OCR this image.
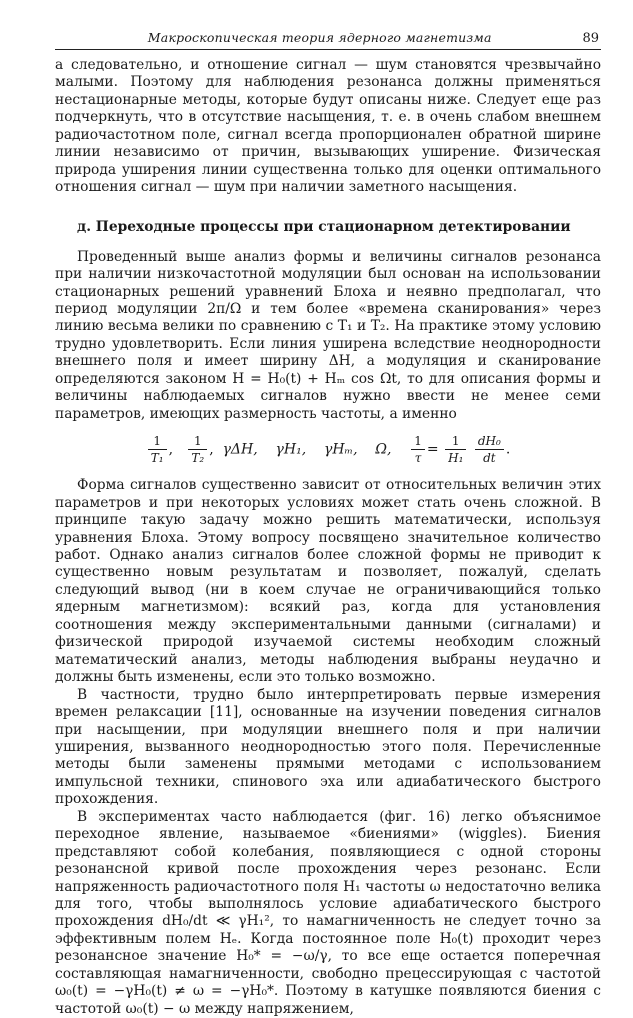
Макроскопическая теория ядерного магнетизма	89

а следовательно, и отношение сигнал — шум становятся чрезвычайно малыми. Поэтому для наблюдения резонанса должны применяться нестационарные методы, которые будут описаны ниже. Следует еще раз подчеркнуть, что в отсутствие насыщения, т. е. в очень слабом внешнем радиочастотном поле, сигнал всегда пропорционален обратной ширине линии независимо от причин, вызывающих уширение. Физическая природа уширения линии существенна только для оценки оптимального отношения сигнал — шум при наличии заметного насыщения.

д. Переходные процессы при стационарном детектировании

Проведенный выше анализ формы и величины сигналов резонанса при наличии низкочастотной модуляции был основан на использовании стационарных решений уравнений Блоха и неявно предполагал, что период модуляции 2π/Ω и тем более «времена сканирования» через линию весьма велики по сравнению с T₁ и T₂. На практике этому условию трудно удовлетворить. Если линия уширена вследствие неоднородности внешнего поля и имеет ширину ΔH, а модуляция и сканирование определяются законом H = H₀(t) + Hₘ cos Ωt, то для описания формы и величины наблюдаемых сигналов нужно ввести не менее семи параметров, имеющих размерность частоты, а именно

$\frac{1}{\text{T₁}}$ , $\frac{1}{\text{T₂}}$ , γΔH, γH₁, γHₘ, Ω, $\frac{1}{\tau} = \frac{1}{\text{H₁}}$
$\frac{\text{dH₀}}{dt}$ .

Форма сигналов существенно зависит от относительных величин этих параметров и при некоторых условиях может стать очень сложной. В принципе такую задачу можно решить математически, используя уравнения Блоха. Этому вопросу посвящено значительное количество работ. Однако анализ сигналов более сложной формы не приводит к существенно новым результатам и позволяет, пожалуй, сделать следующий вывод (ни в коем случае не ограничивающийся только ядерным магнетизмом): всякий раз, когда для установления соотношения между экспериментальными данными (сигналами) и физической природой изучаемой системы необходим сложный математический анализ, методы наблюдения выбраны неудачно и должны быть изменены, если это только возможно.

В частности, трудно было интерпретировать первые измерения времен релаксации [11], основанные на изучении поведения сигналов при насыщении, при модуляции внешнего поля и при наличии уширения, вызванного неоднородностью этого поля. Перечисленные методы были заменены прямыми методами с использованием импульсной техники, спинового эха или адиабатического быстрого прохождения.

В экспериментах часто наблюдается (фиг. 16) легко объяснимое переходное явление, называемое «биениями» (wiggles). Биения представляют собой колебания, появляющиеся с одной стороны резонансной кривой после прохождения через резонанс. Если напряженность радиочастотного поля H₁ частоты ω недостаточно велика для того, чтобы выполнялось условие адиабатического быстрого прохождения dH₀/dt ≪ γH₁², то намагниченность не следует точно за эффективным полем Hₑ. Когда постоянное поле H₀(t) проходит через резонансное значение H₀* = −ω/γ, то все еще остается поперечная составляющая намагниченности, свободно прецессирующая с частотой ω₀(t) = −γH₀(t) ≠ ω = −γH₀*. Поэтому в катушке появляются биения с частотой ω₀(t) − ω между напряжением,
